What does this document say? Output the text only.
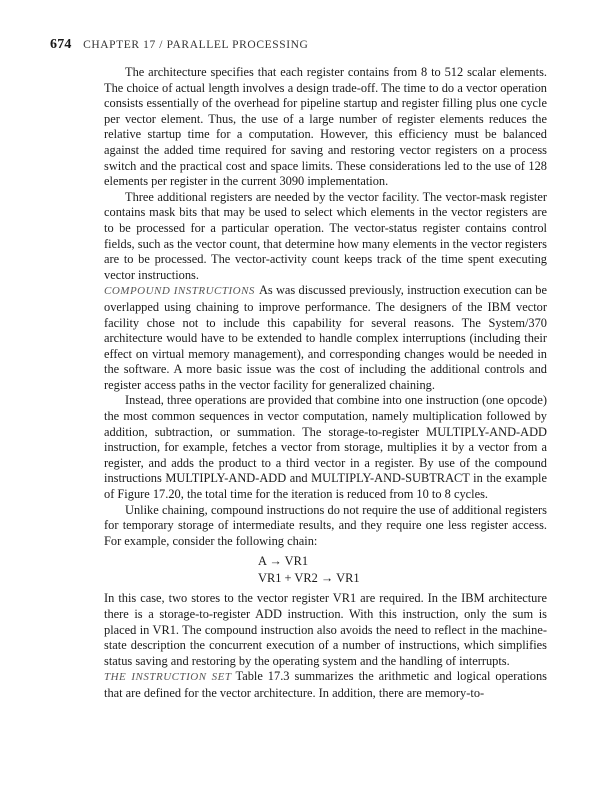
674 CHAPTER 17 / PARALLEL PROCESSING

The architecture specifies that each register contains from 8 to 512 scalar elements. The choice of actual length involves a design trade-off. The time to do a vector operation consists essentially of the overhead for pipeline startup and register filling plus one cycle per vector element. Thus, the use of a large number of register elements reduces the relative startup time for a computation. However, this efficiency must be balanced against the added time required for saving and restoring vector registers on a process switch and the practical cost and space limits. These considerations led to the use of 128 elements per register in the current 3090 implementation.

Three additional registers are needed by the vector facility. The vector-mask register contains mask bits that may be used to select which elements in the vector registers are to be processed for a particular operation. The vector-status register contains control fields, such as the vector count, that determine how many elements in the vector registers are to be processed. The vector-activity count keeps track of the time spent executing vector instructions.

COMPOUND INSTRUCTIONS As was discussed previously, instruction execution can be overlapped using chaining to improve performance. The designers of the IBM vector facility chose not to include this capability for several reasons. The System/370 architecture would have to be extended to handle complex interruptions (including their effect on virtual memory management), and corresponding changes would be needed in the software. A more basic issue was the cost of including the additional controls and register access paths in the vector facility for generalized chaining.

Instead, three operations are provided that combine into one instruction (one opcode) the most common sequences in vector computation, namely multiplication followed by addition, subtraction, or summation. The storage-to-register MULTIPLY-AND-ADD instruction, for example, fetches a vector from storage, multiplies it by a vector from a register, and adds the product to a third vector in a register. By use of the compound instructions MULTIPLY-AND-ADD and MULTIPLY-AND-SUBTRACT in the example of Figure 17.20, the total time for the iteration is reduced from 10 to 8 cycles.

Unlike chaining, compound instructions do not require the use of additional registers for temporary storage of intermediate results, and they require one less register access. For example, consider the following chain:

A → VR1
VR1 + VR2 → VR1

In this case, two stores to the vector register VR1 are required. In the IBM architecture there is a storage-to-register ADD instruction. With this instruction, only the sum is placed in VR1. The compound instruction also avoids the need to reflect in the machine-state description the concurrent execution of a number of instructions, which simplifies status saving and restoring by the operating system and the handling of interrupts.

THE INSTRUCTION SET Table 17.3 summarizes the arithmetic and logical operations that are defined for the vector architecture. In addition, there are memory-to-
